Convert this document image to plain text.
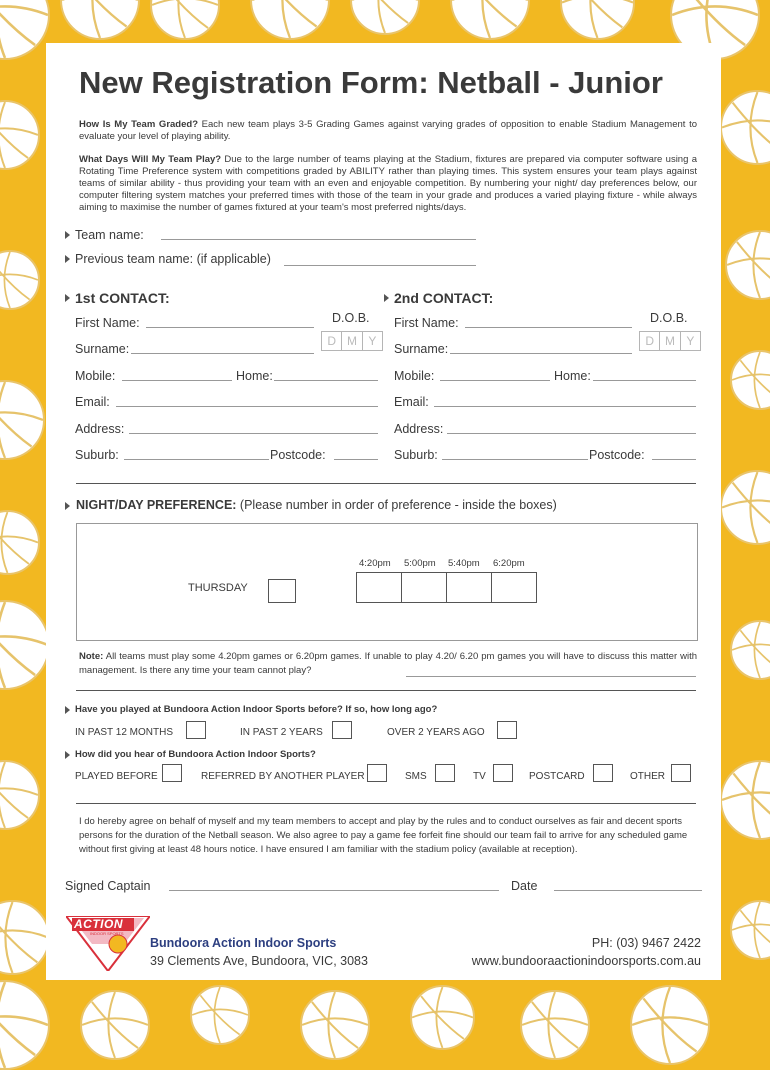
New Registration Form: Netball - Junior
How Is My Team Graded? Each new team plays 3-5 Grading Games against varying grades of opposition to enable Stadium Management to evaluate your level of playing ability.
What Days Will My Team Play? Due to the large number of teams playing at the Stadium, fixtures are prepared via computer software using a Rotating Time Preference system with competitions graded by ABILITY rather than playing times. This system ensures your team plays against teams of similar ability - thus providing your team with an even and enjoyable competition. By numbering your night/ day preferences below, our computer filtering system matches your preferred times with those of the team in your grade and produces a varied playing fixture - while always aiming to maximise the number of games fixtured at your team's most preferred nights/days.
Team name:
Previous team name: (if applicable)
1st CONTACT:
D.O.B.
D M Y
First Name:
Surname:
Mobile:	Home:
Email:
Address:
Suburb:	Postcode:
2nd CONTACT:
D.O.B.
D M Y
First Name:
Surname:
Mobile:	Home:
Email:
Address:
Suburb:	Postcode:
NIGHT/DAY PREFERENCE: (Please number in order of preference - inside the boxes)
4:20pm 5:00pm 5:40pm 6:20pm
THURSDAY
Note: All teams must play some 4.20pm games or 6.20pm games. If unable to play 4.20/ 6.20 pm games you will have to discuss this matter with management. Is there any time your team cannot play?
Have you played at Bundoora Action Indoor Sports before? If so, how long ago?
IN PAST 12 MONTHS	IN PAST 2 YEARS	OVER 2 YEARS AGO
How did you hear of Bundoora Action Indoor Sports?
PLAYED BEFORE	REFERRED BY ANOTHER PLAYER	SMS	TV	POSTCARD	OTHER
I do hereby agree on behalf of myself and my team members to accept and play by the rules and to conduct ourselves as fair and decent sports persons for the duration of the Netball season. We also agree to pay a game fee forfeit fine should our team fail to arrive for any scheduled game without first giving at least 48 hours notice. I have ensured I am familiar with the stadium policy (available at reception).
Signed Captain	Date
ACTION
INDOOR SPORTS
Bundoora Action Indoor Sports
39 Clements Ave, Bundoora, VIC, 3083
PH: (03) 9467 2422
www.bundooraactionindoorsports.com.au
